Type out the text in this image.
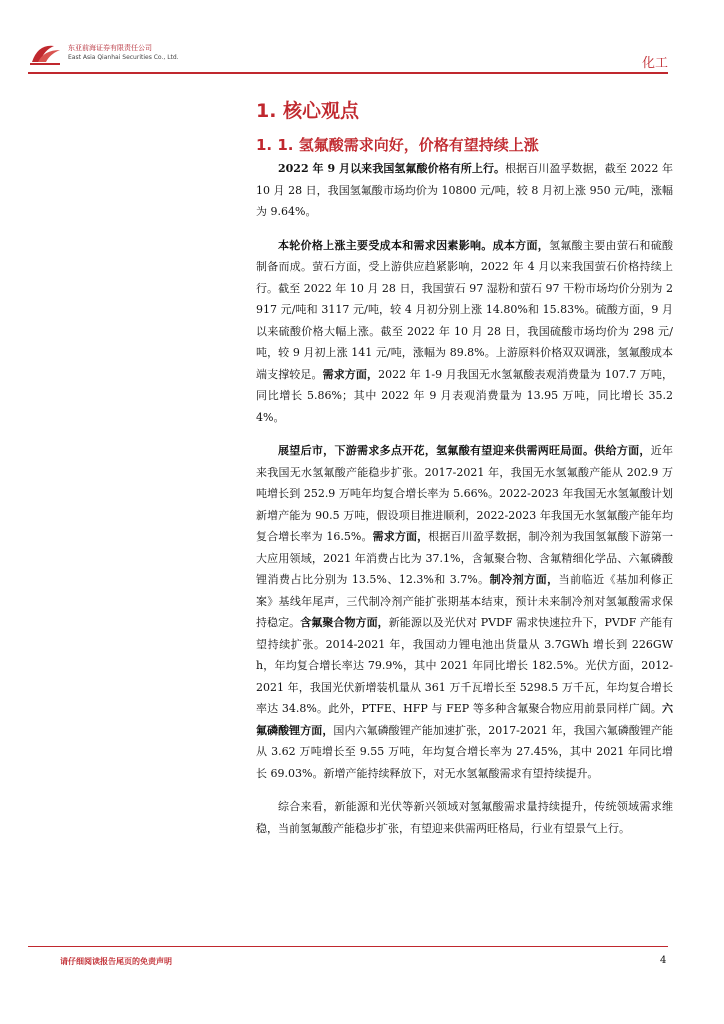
东亚前海证券有限责任公司
East Asia Qianhai Securities Co., Ltd.	化工
1. 核心观点
1. 1. 氢氟酸需求向好，价格有望持续上涨

2022 年 9 月以来我国氢氟酸价格有所上行。根据百川盈孚数据，截至 2022 年 10 月 28 日，我国氢氟酸市场均价为 10800 元/吨，较 8 月初上涨 950 元/吨，涨幅为 9.64%。

本轮价格上涨主要受成本和需求因素影响。成本方面，氢氟酸主要由萤石和硫酸制备而成。萤石方面，受上游供应趋紧影响，2022 年 4 月以来我国萤石价格持续上行。截至 2022 年 10 月 28 日，我国萤石 97 湿粉和萤石 97 干粉市场均价分别为 2917 元/吨和 3117 元/吨，较 4 月初分别上涨 14.80%和 15.83%。硫酸方面，9 月以来硫酸价格大幅上涨。截至 2022 年 10 月 28 日，我国硫酸市场均价为 298 元/吨，较 9 月初上涨 141 元/吨，涨幅为 89.8%。上游原料价格双双调涨，氢氟酸成本端支撑较足。需求方面，2022 年 1-9 月我国无水氢氟酸表观消费量为 107.7 万吨，同比增长 5.86%；其中 2022 年 9 月表观消费量为 13.95 万吨，同比增长 35.24%。

展望后市，下游需求多点开花，氢氟酸有望迎来供需两旺局面。供给方面，近年来我国无水氢氟酸产能稳步扩张。2017-2021 年，我国无水氢氟酸产能从 202.9 万吨增长到 252.9 万吨年均复合增长率为 5.66%。2022-2023 年我国无水氢氟酸计划新增产能为 90.5 万吨，假设项目推进顺利，2022-2023 年我国无水氢氟酸产能年均复合增长率为 16.5%。需求方面，根据百川盈孚数据，制冷剂为我国氢氟酸下游第一大应用领域，2021 年消费占比为 37.1%，含氟聚合物、含氟精细化学品、六氟磷酸锂消费占比分别为 13.5%、12.3%和 3.7%。制冷剂方面，当前临近《基加利修正案》基线年尾声，三代制冷剂产能扩张期基本结束，预计未来制冷剂对氢氟酸需求保持稳定。含氟聚合物方面，新能源以及光伏对 PVDF 需求快速拉升下，PVDF 产能有望持续扩张。2014-2021 年，我国动力锂电池出货量从 3.7GWh 增长到 226GWh，年均复合增长率达 79.9%，其中 2021 年同比增长 182.5%。光伏方面，2012-2021 年，我国光伏新增装机量从 361 万千瓦增长至 5298.5 万千瓦，年均复合增长率达 34.8%。此外，PTFE、HFP 与 FEP 等多种含氟聚合物应用前景同样广阔。六氟磷酸锂方面，国内六氟磷酸锂产能加速扩张，2017-2021 年，我国六氟磷酸锂产能从 3.62 万吨增长至 9.55 万吨，年均复合增长率为 27.45%，其中 2021 年同比增长 69.03%。新增产能持续释放下，对无水氢氟酸需求有望持续提升。

综合来看，新能源和光伏等新兴领域对氢氟酸需求量持续提升，传统领域需求维稳，当前氢氟酸产能稳步扩张，有望迎来供需两旺格局，行业有望景气上行。

请仔细阅读报告尾页的免责声明	4
